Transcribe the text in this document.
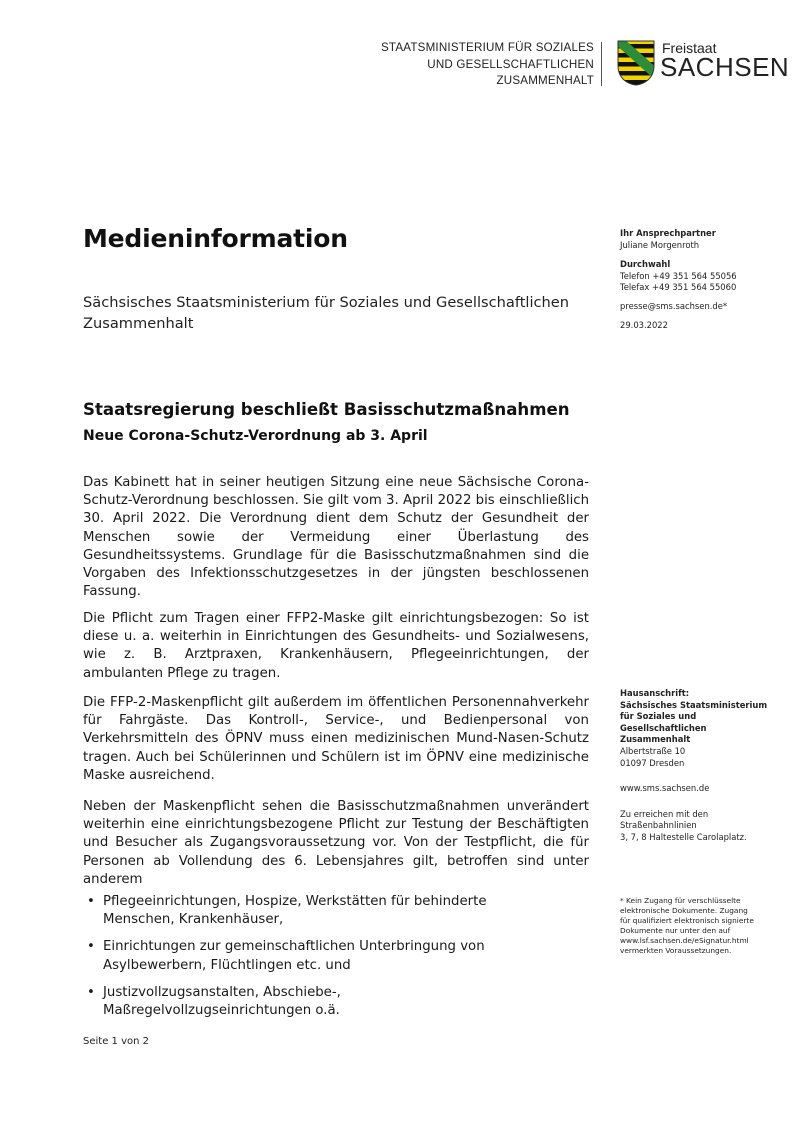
STAATSMINISTERIUM FÜR SOZIALES
UND GESELLSCHAFTLICHEN
ZUSAMMENHALT
Freistaat
SACHSEN
Medieninformation
Sächsisches Staatsministerium für Soziales und Gesellschaftlichen Zusammenhalt
Ihr Ansprechpartner
Juliane Morgenroth
Durchwahl
Telefon +49 351 564 55056
Telefax +49 351 564 55060
presse@sms.sachsen.de*
29.03.2022
Hausanschrift:
Sächsisches Staatsministerium
für Soziales und
Gesellschaftlichen
Zusammenhalt
Albertstraße 10
01097 Dresden
www.sms.sachsen.de
Zu erreichen mit den
Straßenbahnlinien
3, 7, 8 Haltestelle Carolaplatz.
* Kein Zugang für verschlüsselte
elektronische Dokumente. Zugang
für qualifiziert elektronisch signierte
Dokumente nur unter den auf
www.lsf.sachsen.de/eSignatur.html
vermerkten Voraussetzungen.
Staatsregierung beschließt Basisschutzmaßnahmen
Neue Corona-Schutz-Verordnung ab 3. April

Das Kabinett hat in seiner heutigen Sitzung eine neue Sächsische Corona-Schutz-Verordnung beschlossen. Sie gilt vom 3. April 2022 bis einschließlich 30. April 2022. Die Verordnung dient dem Schutz der Gesundheit der Menschen sowie der Vermeidung einer Überlastung des Gesundheitssystems. Grundlage für die Basisschutzmaßnahmen sind die Vorgaben des Infektionsschutzgesetzes in der jüngsten beschlossenen Fassung.

Die Pflicht zum Tragen einer FFP2-Maske gilt einrichtungsbezogen: So ist diese u. a. weiterhin in Einrichtungen des Gesundheits- und Sozialwesens, wie z. B. Arztpraxen, Krankenhäusern, Pflegeeinrichtungen, der ambulanten Pflege zu tragen.

Die FFP-2-Maskenpflicht gilt außerdem im öffentlichen Personennahverkehr für Fahrgäste. Das Kontroll-, Service-, und Bedienpersonal von Verkehrsmitteln des ÖPNV muss einen medizinischen Mund-Nasen-Schutz tragen. Auch bei Schülerinnen und Schülern ist im ÖPNV eine medizinische Maske ausreichend.

Neben der Maskenpflicht sehen die Basisschutzmaßnahmen unverändert weiterhin eine einrichtungsbezogene Pflicht zur Testung der Beschäftigten und Besucher als Zugangsvoraussetzung vor. Von der Testpflicht, die für Personen ab Vollendung des 6. Lebensjahres gilt, betroffen sind unter anderem

• Pflegeeinrichtungen, Hospize, Werkstätten für behinderte Menschen, Krankenhäuser,
• Einrichtungen zur gemeinschaftlichen Unterbringung von Asylbewerbern, Flüchtlingen etc. und
• Justizvollzugsanstalten, Abschiebe-, Maßregelvollzugseinrichtungen o.ä.
Seite 1 von 2
